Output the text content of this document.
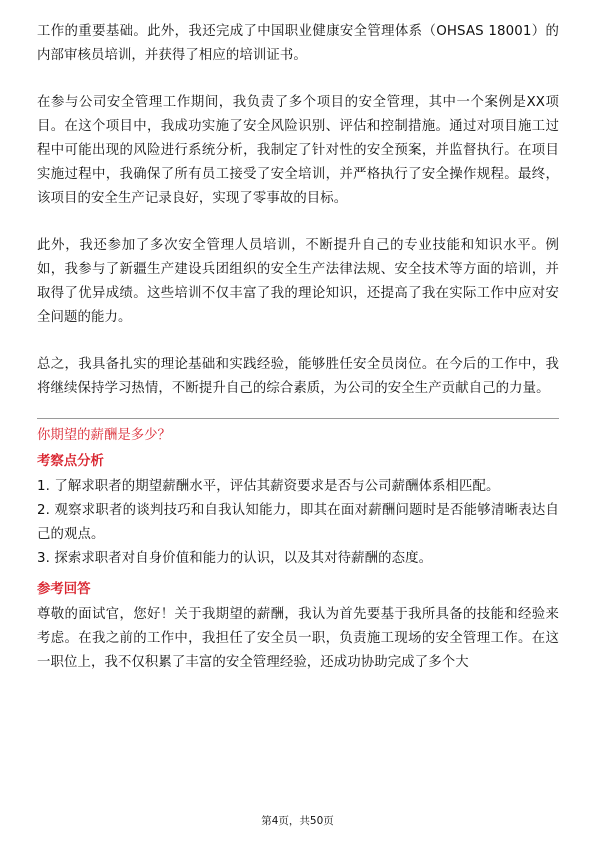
工作的重要基础。此外，我还完成了中国职业健康安全管理体系（OHSAS 18001）的内部审核员培训，并获得了相应的培训证书。

在参与公司安全管理工作期间，我负责了多个项目的安全管理，其中一个案例是XX项目。在这个项目中，我成功实施了安全风险识别、评估和控制措施。通过对项目施工过程中可能出现的风险进行系统分析，我制定了针对性的安全预案，并监督执行。在项目实施过程中，我确保了所有员工接受了安全培训，并严格执行了安全操作规程。最终，该项目的安全生产记录良好，实现了零事故的目标。

此外，我还参加了多次安全管理人员培训，不断提升自己的专业技能和知识水平。例如，我参与了新疆生产建设兵团组织的安全生产法律法规、安全技术等方面的培训，并取得了优异成绩。这些培训不仅丰富了我的理论知识，还提高了我在实际工作中应对安全问题的能力。

总之，我具备扎实的理论基础和实践经验，能够胜任安全员岗位。在今后的工作中，我将继续保持学习热情，不断提升自己的综合素质，为公司的安全生产贡献自己的力量。

你期望的薪酬是多少？
考察点分析
1. 了解求职者的期望薪酬水平，评估其薪资要求是否与公司薪酬体系相匹配。
2. 观察求职者的谈判技巧和自我认知能力，即其在面对薪酬问题时是否能够清晰表达自己的观点。
3. 探索求职者对自身价值和能力的认识，以及其对待薪酬的态度。
参考回答

尊敬的面试官，您好！关于我期望的薪酬，我认为首先要基于我所具备的技能和经验来考虑。在我之前的工作中，我担任了安全员一职，负责施工现场的安全管理工作。在这一职位上，我不仅积累了丰富的安全管理经验，还成功协助完成了多个大

第4页，共50页
